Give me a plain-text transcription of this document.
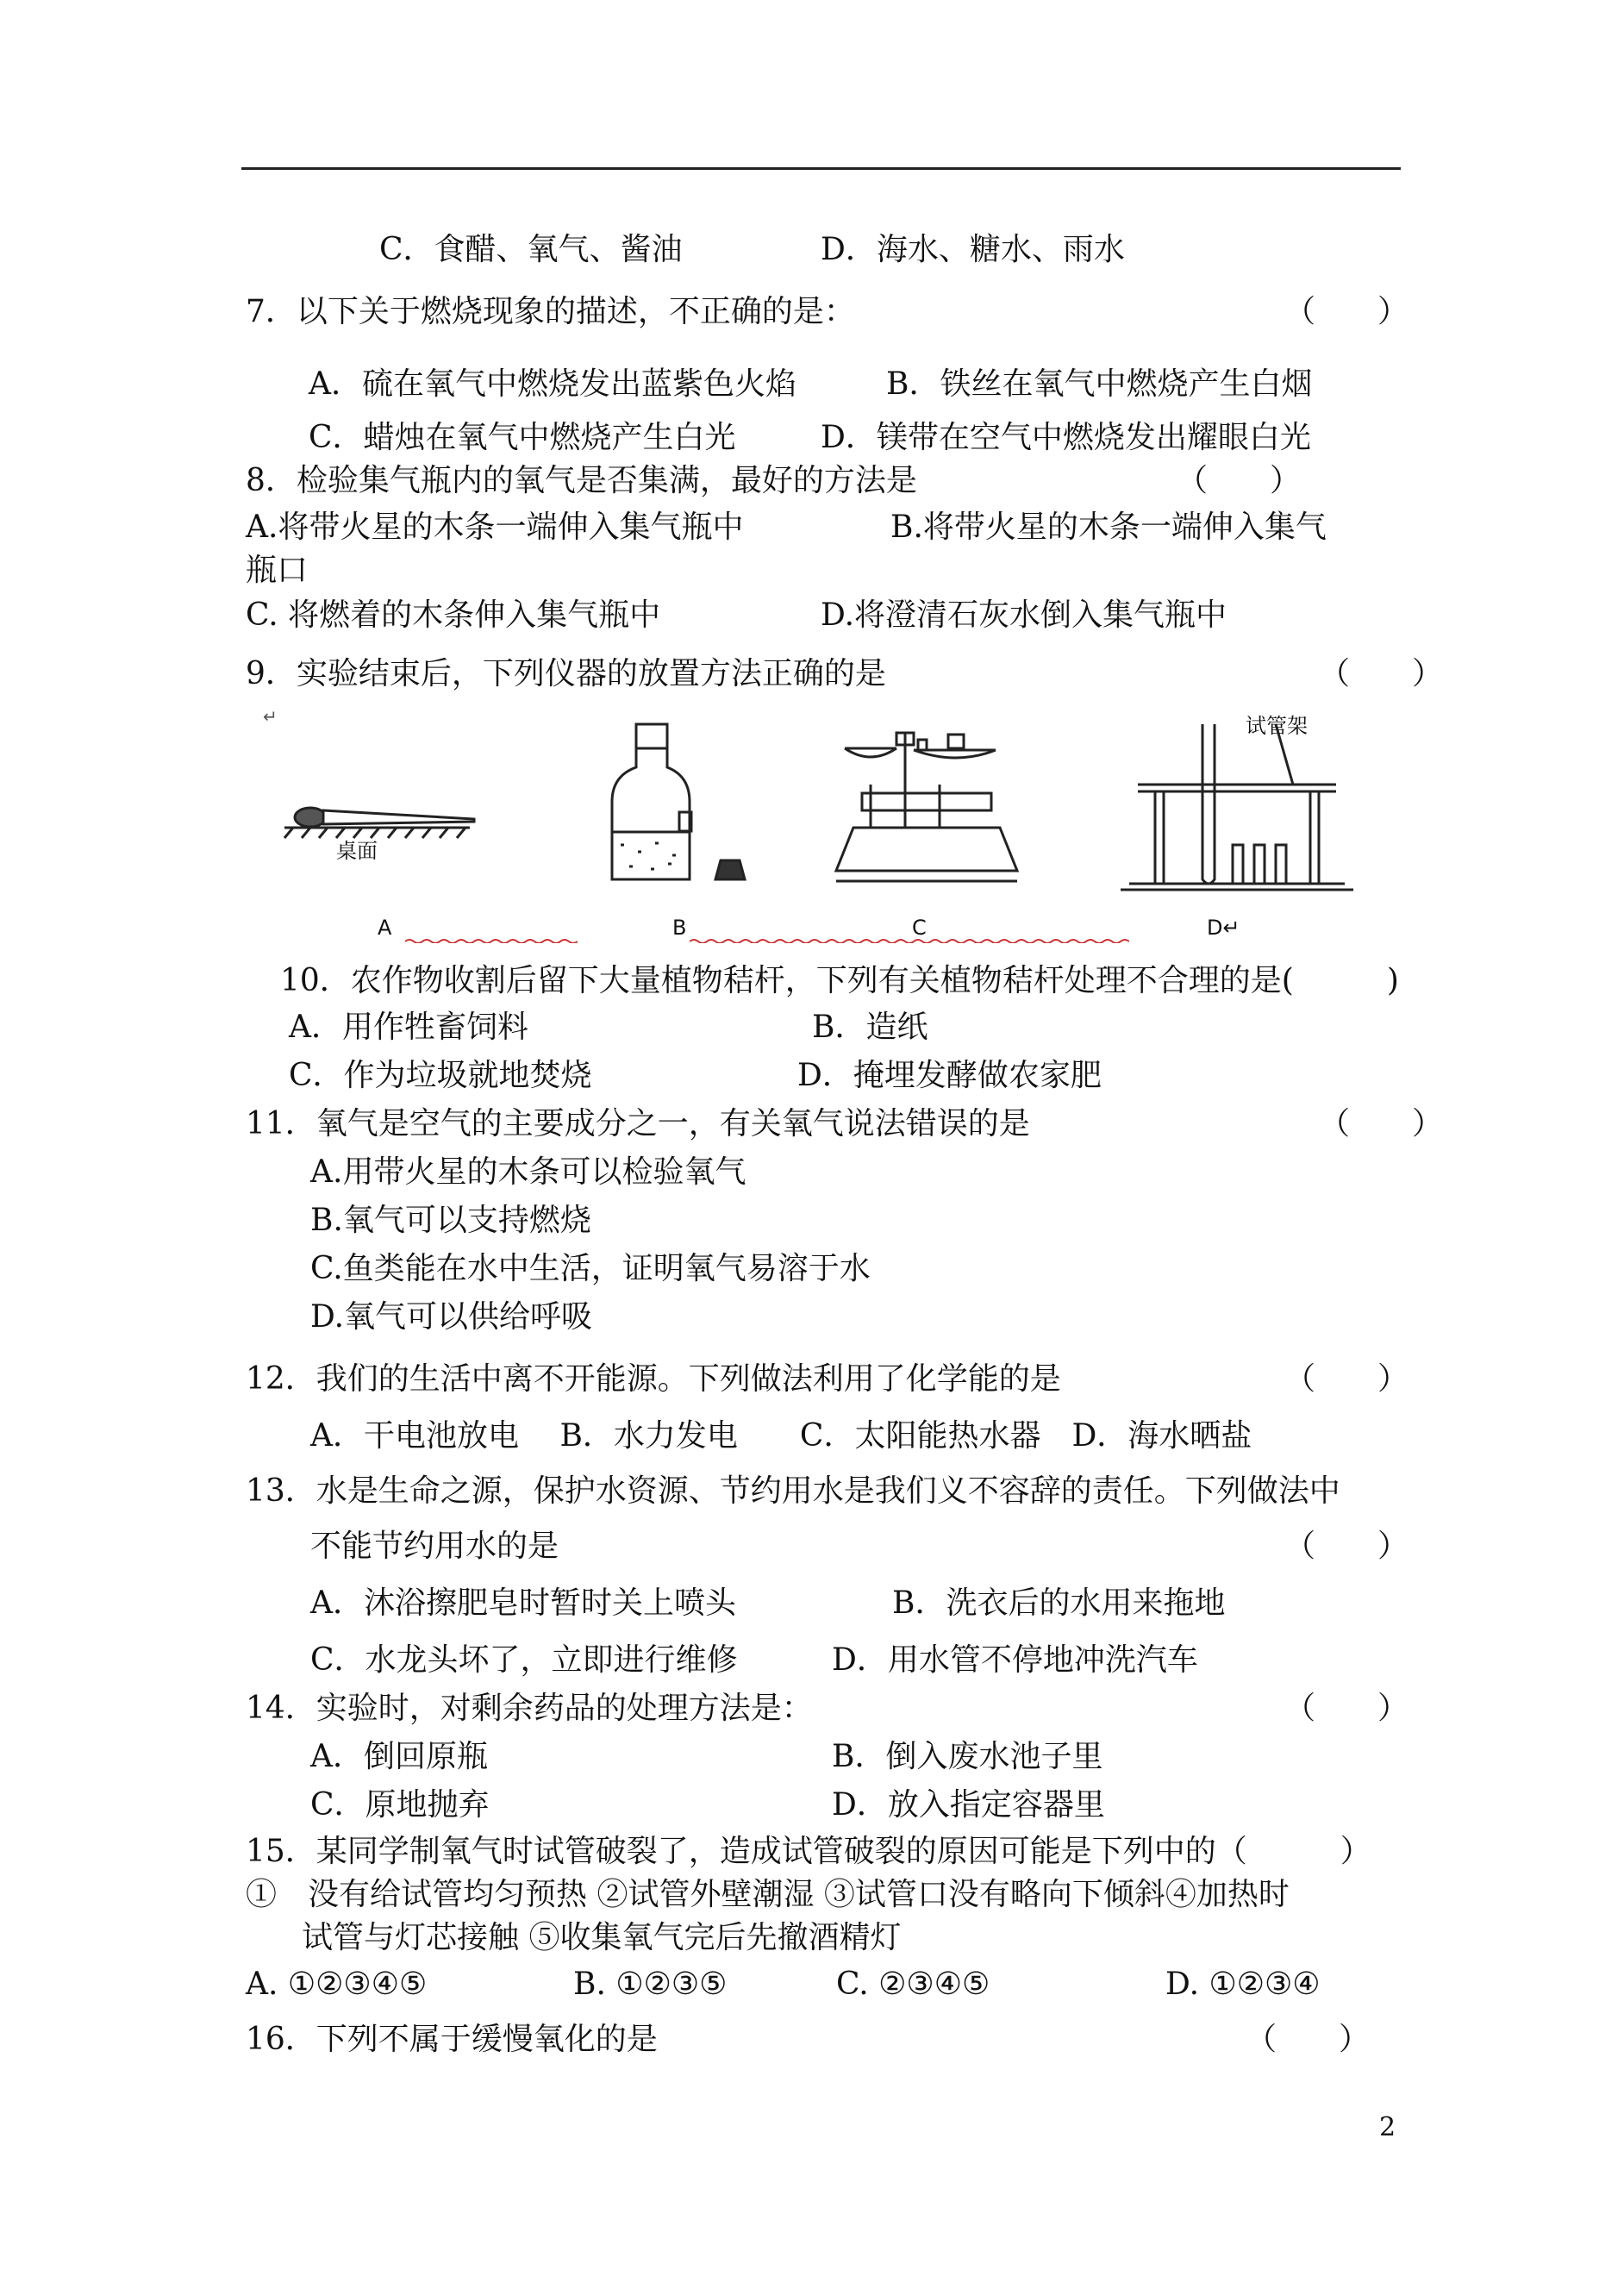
C．食醋、氧气、酱油	D．海水、糖水、雨水
7．以下关于燃烧现象的描述，不正确的是：	（　　）
A．硫在氧气中燃烧发出蓝紫色火焰	B．铁丝在氧气中燃烧产生白烟
C．蜡烛在氧气中燃烧产生白光	D．镁带在空气中燃烧发出耀眼白光
8．检验集气瓶内的氧气是否集满，最好的方法是	（　　）
A.将带火星的木条一端伸入集气瓶中	B.将带火星的木条一端伸入集气
瓶口
C. 将燃着的木条伸入集气瓶中	D.将澄清石灰水倒入集气瓶中
9．实验结束后，下列仪器的放置方法正确的是	（　　）
桌面
试管架
↵
A	B	C	D↵
10．农作物收割后留下大量植物秸杆，下列有关植物秸杆处理不合理的是(　　　)
A．用作牲畜饲料	B．造纸
C．作为垃圾就地焚烧	D．掩埋发酵做农家肥
11．氧气是空气的主要成分之一，有关氧气说法错误的是	（　　）
A.用带火星的木条可以检验氧气
B.氧气可以支持燃烧
C.鱼类能在水中生活，证明氧气易溶于水
D.氧气可以供给呼吸
12．我们的生活中离不开能源。下列做法利用了化学能的是	（　　）
A．干电池放电　 B．水力发电　　C．太阳能热水器　D．海水晒盐
13．水是生命之源，保护水资源、节约用水是我们义不容辞的责任。下列做法中
不能节约用水的是	（　　）
A．沐浴擦肥皂时暂时关上喷头	B．洗衣后的水用来拖地
C．水龙头坏了，立即进行维修	D．用水管不停地冲洗汽车
14．实验时，对剩余药品的处理方法是：	（　　）
A．倒回原瓶	B．倒入废水池子里
C．原地抛弃	D．放入指定容器里
15．某同学制氧气时试管破裂了，造成试管破裂的原因可能是下列中的（　　　）
①　没有给试管均匀预热 ②试管外壁潮湿 ③试管口没有略向下倾斜④加热时
试管与灯芯接触 ⑤收集氧气完后先撤酒精灯
A. ①②③④⑤	B. ①②③⑤	C. ②③④⑤	D. ①②③④
16．下列不属于缓慢氧化的是	（　　）
2
